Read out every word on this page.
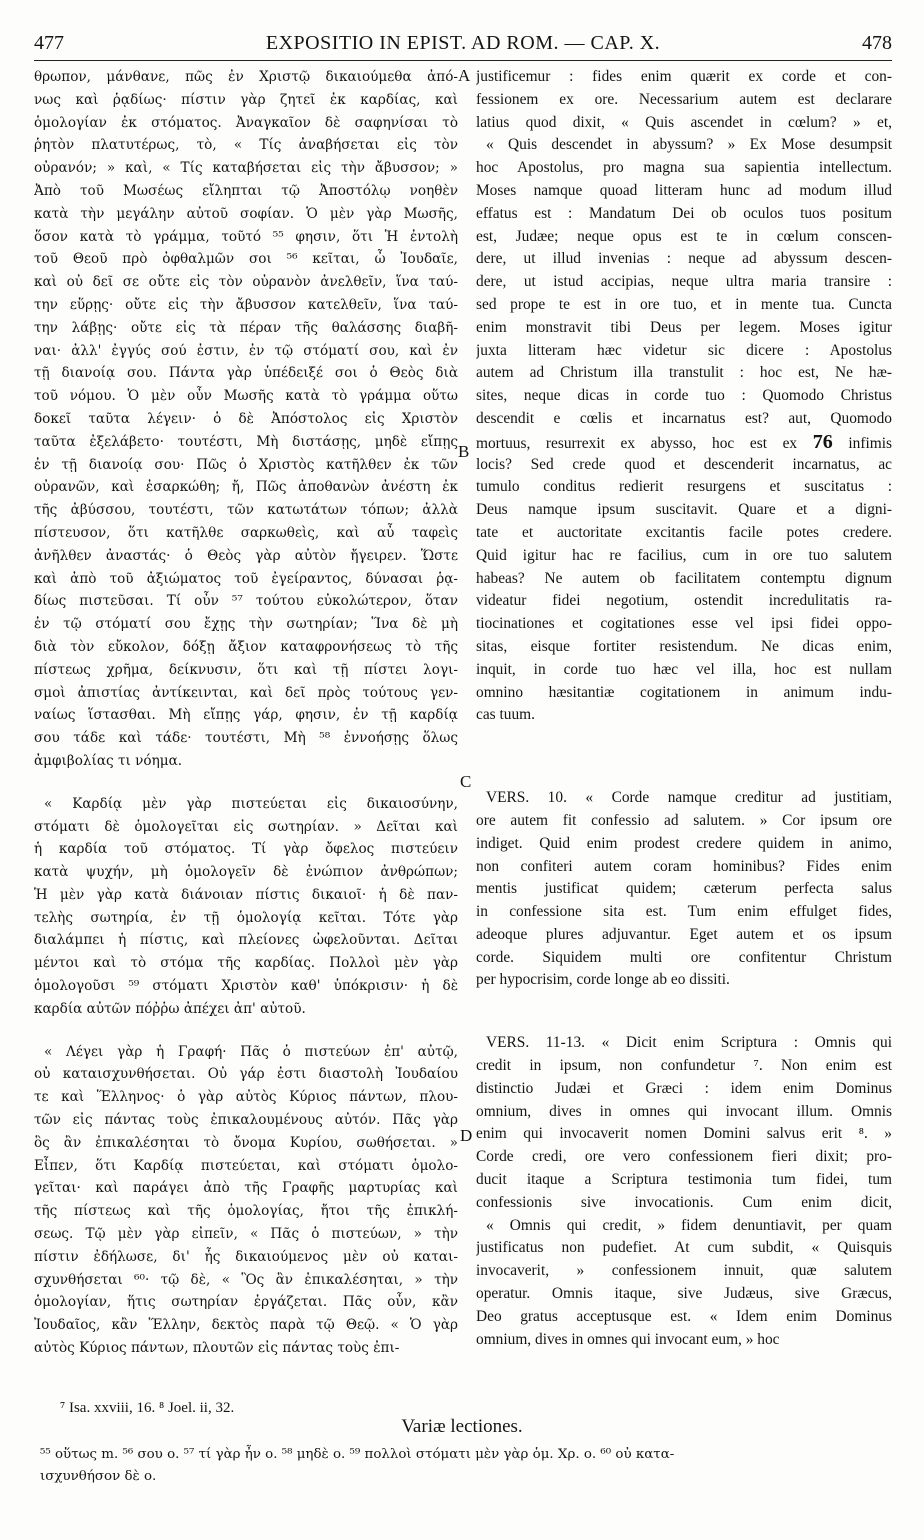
477	EXPOSITIO IN EPIST. AD ROM. — CAP. X.	478
θρωπον, μάνθανε, πῶς ἐν Χριστῷ δικαιούμεθα ἀπό-
νως καὶ ῥᾳδίως· πίστιν γὰρ ζητεῖ ἐκ καρδίας, καὶ
ὁμολογίαν ἐκ στόματος. Ἀναγκαῖον δὲ σαφηνίσαι τὸ
ῥητὸν πλατυτέρως, τὸ, « Τίς ἀναβήσεται εἰς τὸν
οὐρανόν; » καὶ, « Τίς καταβήσεται εἰς τὴν ἄβυσσον; »
Ἀπὸ τοῦ Μωσέως εἴληπται τῷ Ἀποστόλῳ νοηθὲν
κατὰ τὴν μεγάλην αὐτοῦ σοφίαν. Ὁ μὲν γὰρ Μωσῆς,
ὅσον κατὰ τὸ γράμμα, τοῦτό ⁵⁵ φησιν, ὅτι Ἡ ἐντολὴ
τοῦ Θεοῦ πρὸ ὀφθαλμῶν σοι ⁵⁶ κεῖται, ὦ Ἰουδαῖε,
καὶ οὐ δεῖ σε οὔτε εἰς τὸν οὐρανὸν ἀνελθεῖν, ἵνα ταύ-
την εὕρῃς· οὔτε εἰς τὴν ἄβυσσον κατελθεῖν, ἵνα ταύ-
την λάβῃς· οὔτε εἰς τὰ πέραν τῆς θαλάσσης διαβῆ-
ναι· ἀλλ' ἐγγύς σού ἐστιν, ἐν τῷ στόματί σου, καὶ ἐν
τῇ διανοίᾳ σου. Πάντα γὰρ ὑπέδειξέ σοι ὁ Θεὸς διὰ
τοῦ νόμου. Ὁ μὲν οὖν Μωσῆς κατὰ τὸ γράμμα οὕτω
δοκεῖ ταῦτα λέγειν· ὁ δὲ Ἀπόστολος εἰς Χριστὸν
ταῦτα ἐξελάβετο· τουτέστι, Μὴ διστάσῃς, μηδὲ εἴπῃς
ἐν τῇ διανοίᾳ σου· Πῶς ὁ Χριστὸς κατῆλθεν ἐκ τῶν
οὐρανῶν, καὶ ἐσαρκώθη; ἤ, Πῶς ἀποθανὼν ἀνέστη ἐκ
τῆς ἀβύσσου, τουτέστι, τῶν κατωτάτων τόπων; ἀλλὰ
πίστευσον, ὅτι κατῆλθε σαρκωθεὶς, καὶ αὖ ταφεὶς
ἀνῆλθεν ἀναστάς· ὁ Θεὸς γὰρ αὐτὸν ἤγειρεν. Ὥστε
καὶ ἀπὸ τοῦ ἀξιώματος τοῦ ἐγείραντος, δύνασαι ῥᾳ-
δίως πιστεῦσαι. Τί οὖν ⁵⁷ τούτου εὐκολώτερον, ὅταν
ἐν τῷ στόματί σου ἔχῃς τὴν σωτηρίαν; Ἵνα δὲ μὴ
διὰ τὸν εὔκολον, δόξῃ ἄξιον καταφρονήσεως τὸ τῆς
πίστεως χρῆμα, δείκνυσιν, ὅτι καὶ τῇ πίστει λογι-
σμοὶ ἀπιστίας ἀντίκεινται, καὶ δεῖ πρὸς τούτους γεν-
ναίως ἵστασθαι. Μὴ εἴπῃς γάρ, φησιν, ἐν τῇ καρδίᾳ
σου τάδε καὶ τάδε· τουτέστι, Μὴ ⁵⁸ ἐννοήσῃς ὅλως
ἀμφιβολίας τι νόημα.
« Καρδίᾳ μὲν γὰρ πιστεύεται εἰς δικαιοσύνην,
στόματι δὲ ὁμολογεῖται εἰς σωτηρίαν. » Δεῖται καὶ
ἡ καρδία τοῦ στόματος. Τί γὰρ ὄφελος πιστεύειν
κατὰ ψυχήν, μὴ ὁμολογεῖν δὲ ἐνώπιον ἀνθρώπων;
Ἡ μὲν γὰρ κατὰ διάνοιαν πίστις δικαιοῖ· ἡ δὲ παν-
τελὴς σωτηρία, ἐν τῇ ὁμολογίᾳ κεῖται. Τότε γὰρ
διαλάμπει ἡ πίστις, καὶ πλείονες ὠφελοῦνται. Δεῖται
μέντοι καὶ τὸ στόμα τῆς καρδίας. Πολλοὶ μὲν γὰρ
ὁμολογοῦσι ⁵⁹ στόματι Χριστὸν καθ' ὑπόκρισιν· ἡ δὲ
καρδία αὐτῶν πόῤῥω ἀπέχει ἀπ' αὐτοῦ.
« Λέγει γὰρ ἡ Γραφή· Πᾶς ὁ πιστεύων ἐπ' αὐτῷ,
οὐ καταισχυνθήσεται. Οὐ γάρ ἐστι διαστολὴ Ἰουδαίου
τε καὶ Ἕλληνος· ὁ γὰρ αὐτὸς Κύριος πάντων, πλου-
τῶν εἰς πάντας τοὺς ἐπικαλουμένους αὐτόν. Πᾶς γὰρ
ὃς ἂν ἐπικαλέσηται τὸ ὄνομα Κυρίου, σωθήσεται. »
Εἶπεν, ὅτι Καρδίᾳ πιστεύεται, καὶ στόματι ὁμολο-
γεῖται· καὶ παράγει ἀπὸ τῆς Γραφῆς μαρτυρίας καὶ
τῆς πίστεως καὶ τῆς ὁμολογίας, ἤτοι τῆς ἐπικλή-
σεως. Τῷ μὲν γὰρ εἰπεῖν, « Πᾶς ὁ πιστεύων, » τὴν
πίστιν ἐδήλωσε, δι' ἧς δικαιούμενος μὲν οὐ καται-
σχυνθήσεται ⁶⁰· τῷ δὲ, « Ὃς ἂν ἐπικαλέσηται, » τὴν
ὁμολογίαν, ἥτις σωτηρίαν ἐργάζεται. Πᾶς οὖν, κἂν
Ἰουδαῖος, κἂν Ἕλλην, δεκτὸς παρὰ τῷ Θεῷ. « Ὁ γὰρ
αὐτὸς Κύριος πάντων, πλουτῶν εἰς πάντας τοὺς ἐπι-
justificemur : fides enim quærit ex corde et con-
fessionem ex ore. Necessarium autem est declarare
latius quod dixit, « Quis ascendet in cœlum? » et,
« Quis descendet in abyssum? » Ex Mose desumpsit
hoc Apostolus, pro magna sua sapientia intellectum.
Moses namque quoad litteram hunc ad modum illud
effatus est : Mandatum Dei ob oculos tuos positum
est, Judæe; neque opus est te in cœlum conscen-
dere, ut illud invenias : neque ad abyssum descen-
dere, ut istud accipias, neque ultra maria transire :
sed prope te est in ore tuo, et in mente tua. Cuncta
enim monstravit tibi Deus per legem. Moses igitur
juxta litteram hæc videtur sic dicere : Apostolus
autem ad Christum illa transtulit : hoc est, Ne hæ-
sites, neque dicas in corde tuo : Quomodo Christus
descendit e cœlis et incarnatus est? aut, Quomodo
mortuus, resurrexit ex abysso, hoc est ex 76 infimis
locis? Sed crede quod et descenderit incarnatus, ac
tumulo conditus redierit resurgens et suscitatus :
Deus namque ipsum suscitavit. Quare et a digni-
tate et auctoritate excitantis facile potes credere.
Quid igitur hac re facilius, cum in ore tuo salutem
habeas? Ne autem ob facilitatem contemptu dignum
videatur fidei negotium, ostendit incredulitatis ra-
tiocinationes et cogitationes esse vel ipsi fidei oppo-
sitas, eisque fortiter resistendum. Ne dicas enim,
inquit, in corde tuo hæc vel illa, hoc est nullam
omnino hæsitantiæ cogitationem in animum indu-
cas tuum.
VERS. 10. « Corde namque creditur ad justitiam,
ore autem fit confessio ad salutem. » Cor ipsum ore
indiget. Quid enim prodest credere quidem in animo,
non confiteri autem coram hominibus? Fides enim
mentis justificat quidem; cæterum perfecta salus
in confessione sita est. Tum enim effulget fides,
adeoque plures adjuvantur. Eget autem et os ipsum
corde. Siquidem multi ore confitentur Christum
per hypocrisim, corde longe ab eo dissiti.
VERS. 11-13. « Dicit enim Scriptura : Omnis qui
credit in ipsum, non confundetur ⁷. Non enim est
distinctio Judæi et Græci : idem enim Dominus
omnium, dives in omnes qui invocant illum. Omnis
enim qui invocaverit nomen Domini salvus erit ⁸. »
Corde credi, ore vero confessionem fieri dixit; pro-
ducit itaque a Scriptura testimonia tum fidei, tum
confessionis sive invocationis. Cum enim dicit,
« Omnis qui credit, » fidem denuntiavit, per quam
justificatus non pudefiet. At cum subdit, « Quisquis
invocaverit, » confessionem innuit, quæ salutem
operatur. Omnis itaque, sive Judæus, sive Græcus,
Deo gratus acceptusque est. « Idem enim Dominus
omnium, dives in omnes qui invocant eum, » hoc
A
B
C
D
⁷ Isa. xxviii, 16. ⁸ Joel. ii, 32.
Variæ lectiones.
⁵⁵ οὕτως m. ⁵⁶ σου ο. ⁵⁷ τί γὰρ ἦν ο. ⁵⁸ μηδὲ ο. ⁵⁹ πολλοὶ στόματι μὲν γὰρ ὁμ. Χρ. ο. ⁶⁰ οὐ κατα-
ισχυνθήσον δὲ ο.
